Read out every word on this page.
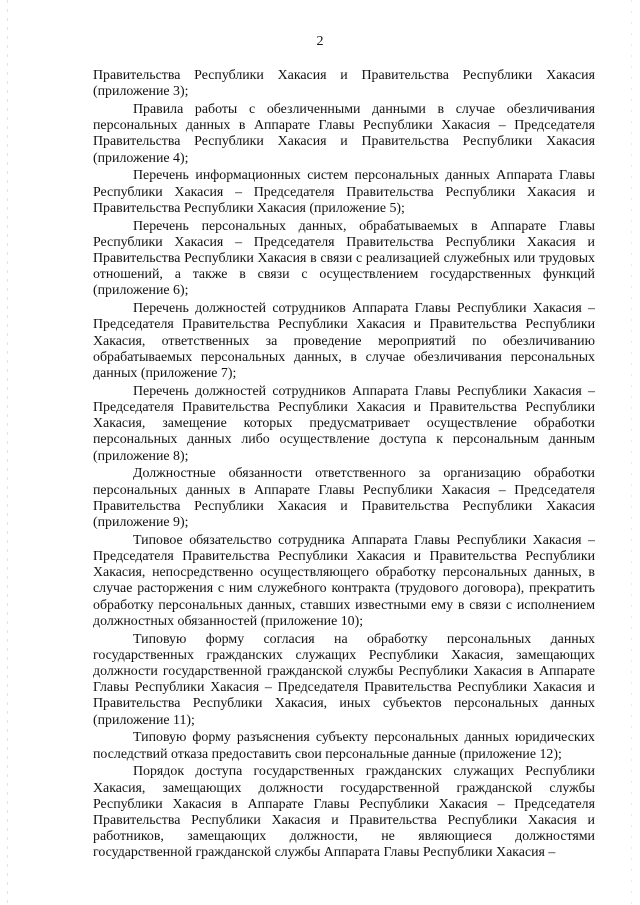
2

Правительства Республики Хакасия и Правительства Республики Хакасия (приложение 3);

Правила работы с обезличенными данными в случае обезличивания персональных данных в Аппарате Главы Республики Хакасия – Председателя Правительства Республики Хакасия и Правительства Республики Хакасия (приложение 4);

Перечень информационных систем персональных данных Аппарата Главы Республики Хакасия – Председателя Правительства Республики Хакасия и Правительства Республики Хакасия (приложение 5);

Перечень персональных данных, обрабатываемых в Аппарате Главы Республики Хакасия – Председателя Правительства Республики Хакасия и Правительства Республики Хакасия в связи с реализацией служебных или трудовых отношений, а также в связи с осуществлением государственных функций (приложение 6);

Перечень должностей сотрудников Аппарата Главы Республики Хакасия – Председателя Правительства Республики Хакасия и Правительства Республики Хакасия, ответственных за проведение мероприятий по обезличиванию обрабатываемых персональных данных, в случае обезличивания персональных данных (приложение 7);

Перечень должностей сотрудников Аппарата Главы Республики Хакасия – Председателя Правительства Республики Хакасия и Правительства Республики Хакасия, замещение которых предусматривает осуществление обработки персональных данных либо осуществление доступа к персональным данным (приложение 8);

Должностные обязанности ответственного за организацию обработки персональных данных в Аппарате Главы Республики Хакасия – Председателя Правительства Республики Хакасия и Правительства Республики Хакасия (приложение 9);

Типовое обязательство сотрудника Аппарата Главы Республики Хакасия – Председателя Правительства Республики Хакасия и Правительства Республики Хакасия, непосредственно осуществляющего обработку персональных данных, в случае расторжения с ним служебного контракта (трудового договора), прекратить обработку персональных данных, ставших известными ему в связи с исполнением должностных обязанностей (приложение 10);

Типовую форму согласия на обработку персональных данных государственных гражданских служащих Республики Хакасия, замещающих должности государственной гражданской службы Республики Хакасия в Аппарате Главы Республики Хакасия – Председателя Правительства Республики Хакасия и Правительства Республики Хакасия, иных субъектов персональных данных (приложение 11);

Типовую форму разъяснения субъекту персональных данных юридических последствий отказа предоставить свои персональные данные (приложение 12);

Порядок доступа государственных гражданских служащих Республики Хакасия, замещающих должности государственной гражданской службы Республики Хакасия в Аппарате Главы Республики Хакасия – Председателя Правительства Республики Хакасия и Правительства Республики Хакасия и работников, замещающих должности, не являющиеся должностями государственной гражданской службы Аппарата Главы Республики Хакасия –
